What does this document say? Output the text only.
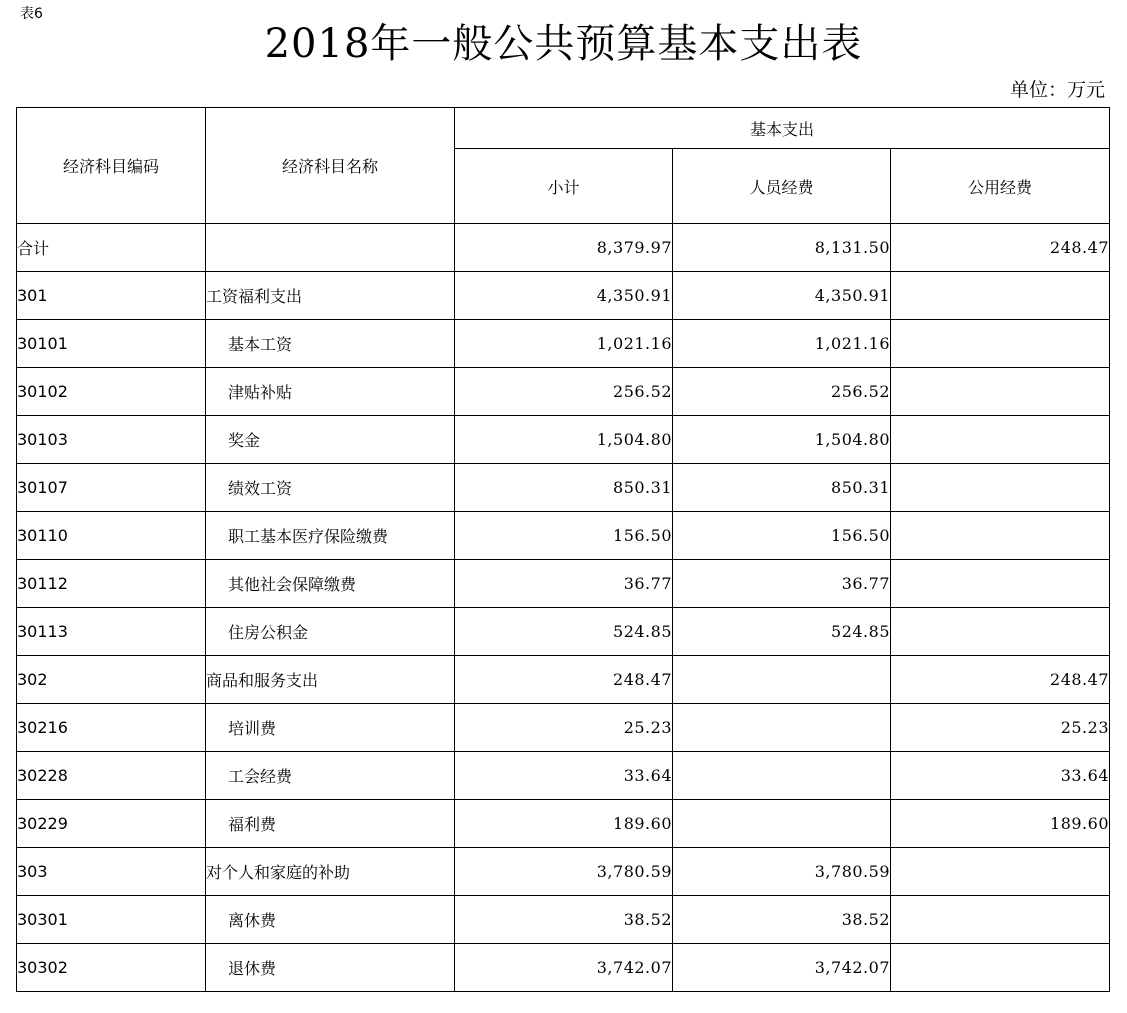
表6
2018年一般公共预算基本支出表
单位：万元
经济科目编码	经济科目名称	基本支出		
		小计	人员经费	公用经费
合计		8,379.97	8,131.50	248.47
301	工资福利支出	4,350.91	4,350.91	
30101	基本工资	1,021.16	1,021.16	
30102	津贴补贴	256.52	256.52	
30103	奖金	1,504.80	1,504.80	
30107	绩效工资	850.31	850.31	
30110	职工基本医疗保险缴费	156.50	156.50	
30112	其他社会保障缴费	36.77	36.77	
30113	住房公积金	524.85	524.85	
302	商品和服务支出	248.47		248.47
30216	培训费	25.23		25.23
30228	工会经费	33.64		33.64
30229	福利费	189.60		189.60
303	对个人和家庭的补助	3,780.59	3,780.59	
30301	离休费	38.52	38.52	
30302	退休费	3,742.07	3,742.07	
